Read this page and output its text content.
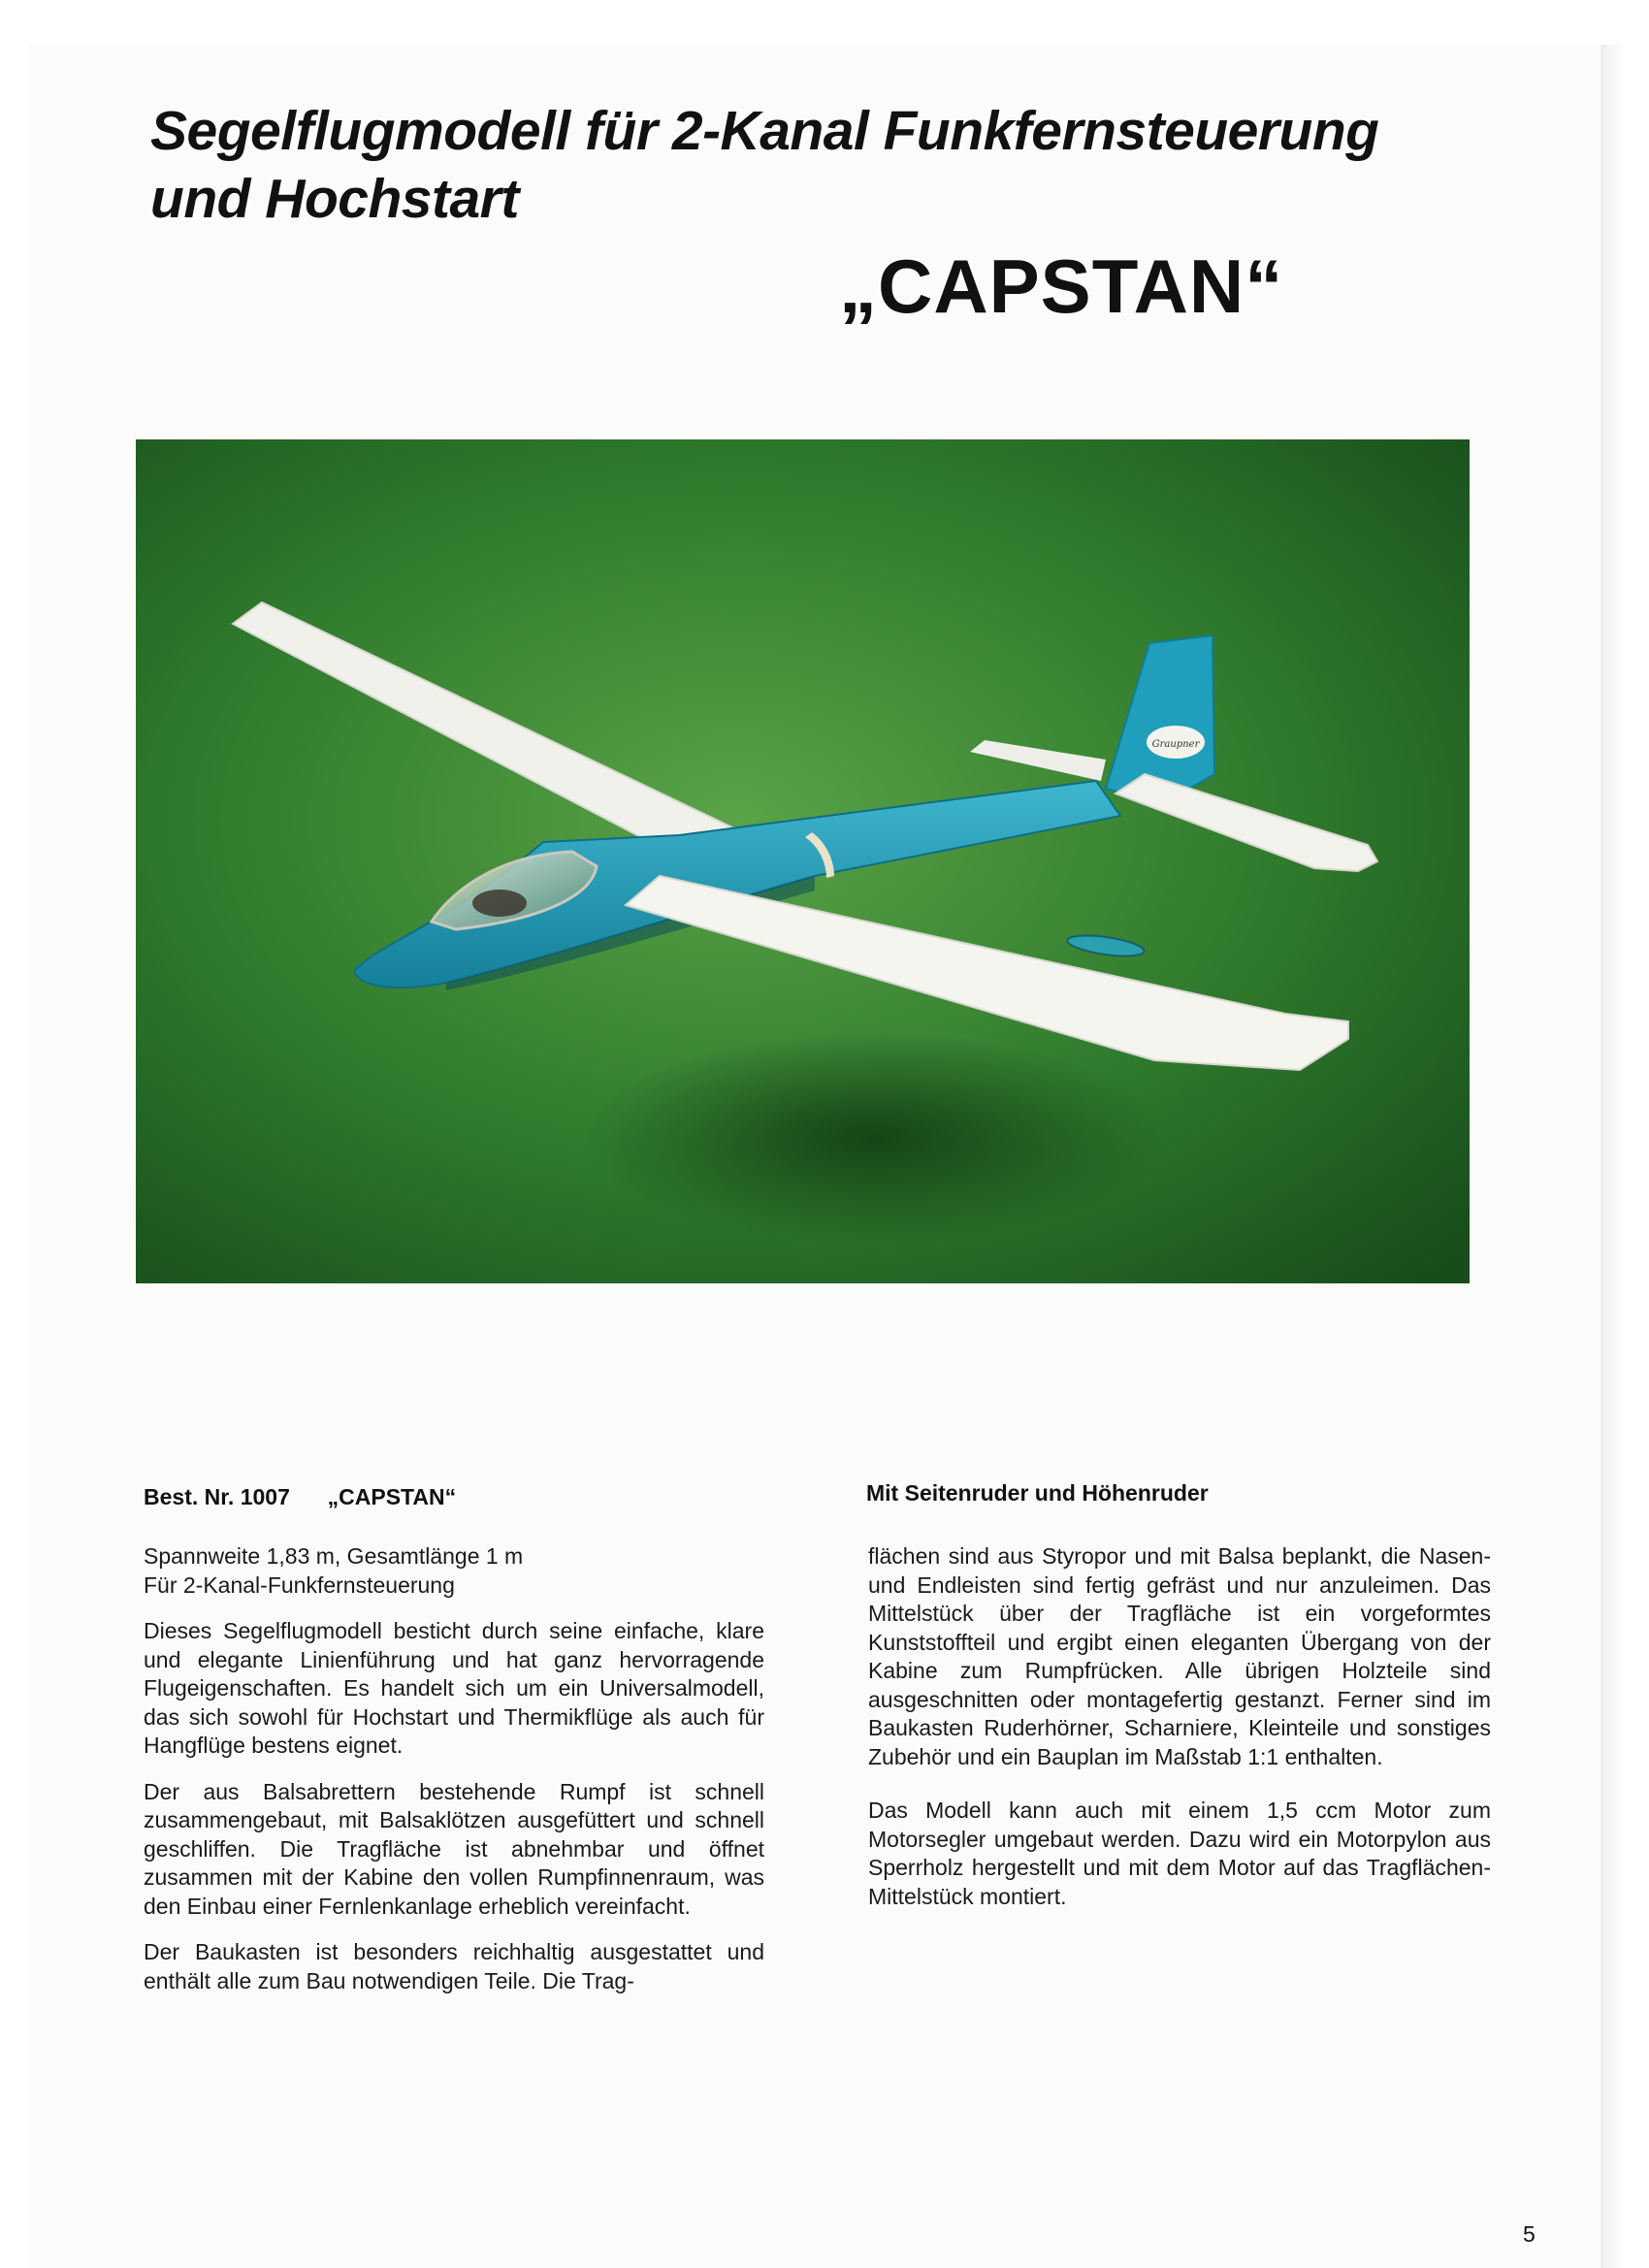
Segelflugmodell für 2-Kanal Funkfernsteuerung
und Hochstart
„CAPSTAN“
Graupner
Best. Nr. 1007 „CAPSTAN“

Spannweite 1,83 m, Gesamtlänge 1 m
Für 2-Kanal-Funkfernsteuerung

Dieses Segelflugmodell besticht durch seine einfache, klare und elegante Linienführung und hat ganz hervorragende Flugeigenschaften. Es handelt sich um ein Universalmodell, das sich sowohl für Hochstart und Thermikflüge als auch für Hangflüge bestens eignet.

Der aus Balsabrettern bestehende Rumpf ist schnell zusammengebaut, mit Balsaklötzen ausgefüttert und schnell geschliffen. Die Tragfläche ist abnehmbar und öffnet zusammen mit der Kabine den vollen Rumpfinnenraum, was den Einbau einer Fernlenkanlage erheblich vereinfacht.

Der Baukasten ist besonders reichhaltig ausgestattet und enthält alle zum Bau notwendigen Teile. Die Trag-

Mit Seitenruder und Höhenruder

flächen sind aus Styropor und mit Balsa beplankt, die Nasen- und Endleisten sind fertig gefräst und nur anzuleimen. Das Mittelstück über der Tragfläche ist ein vorgeformtes Kunststoffteil und ergibt einen eleganten Übergang von der Kabine zum Rumpfrücken. Alle übrigen Holzteile sind ausgeschnitten oder montagefertig gestanzt. Ferner sind im Baukasten Ruderhörner, Scharniere, Kleinteile und sonstiges Zubehör und ein Bauplan im Maßstab 1:1 enthalten.

Das Modell kann auch mit einem 1,5 ccm Motor zum Motorsegler umgebaut werden. Dazu wird ein Motorpylon aus Sperrholz hergestellt und mit dem Motor auf das Tragflächen-Mittelstück montiert.

5
